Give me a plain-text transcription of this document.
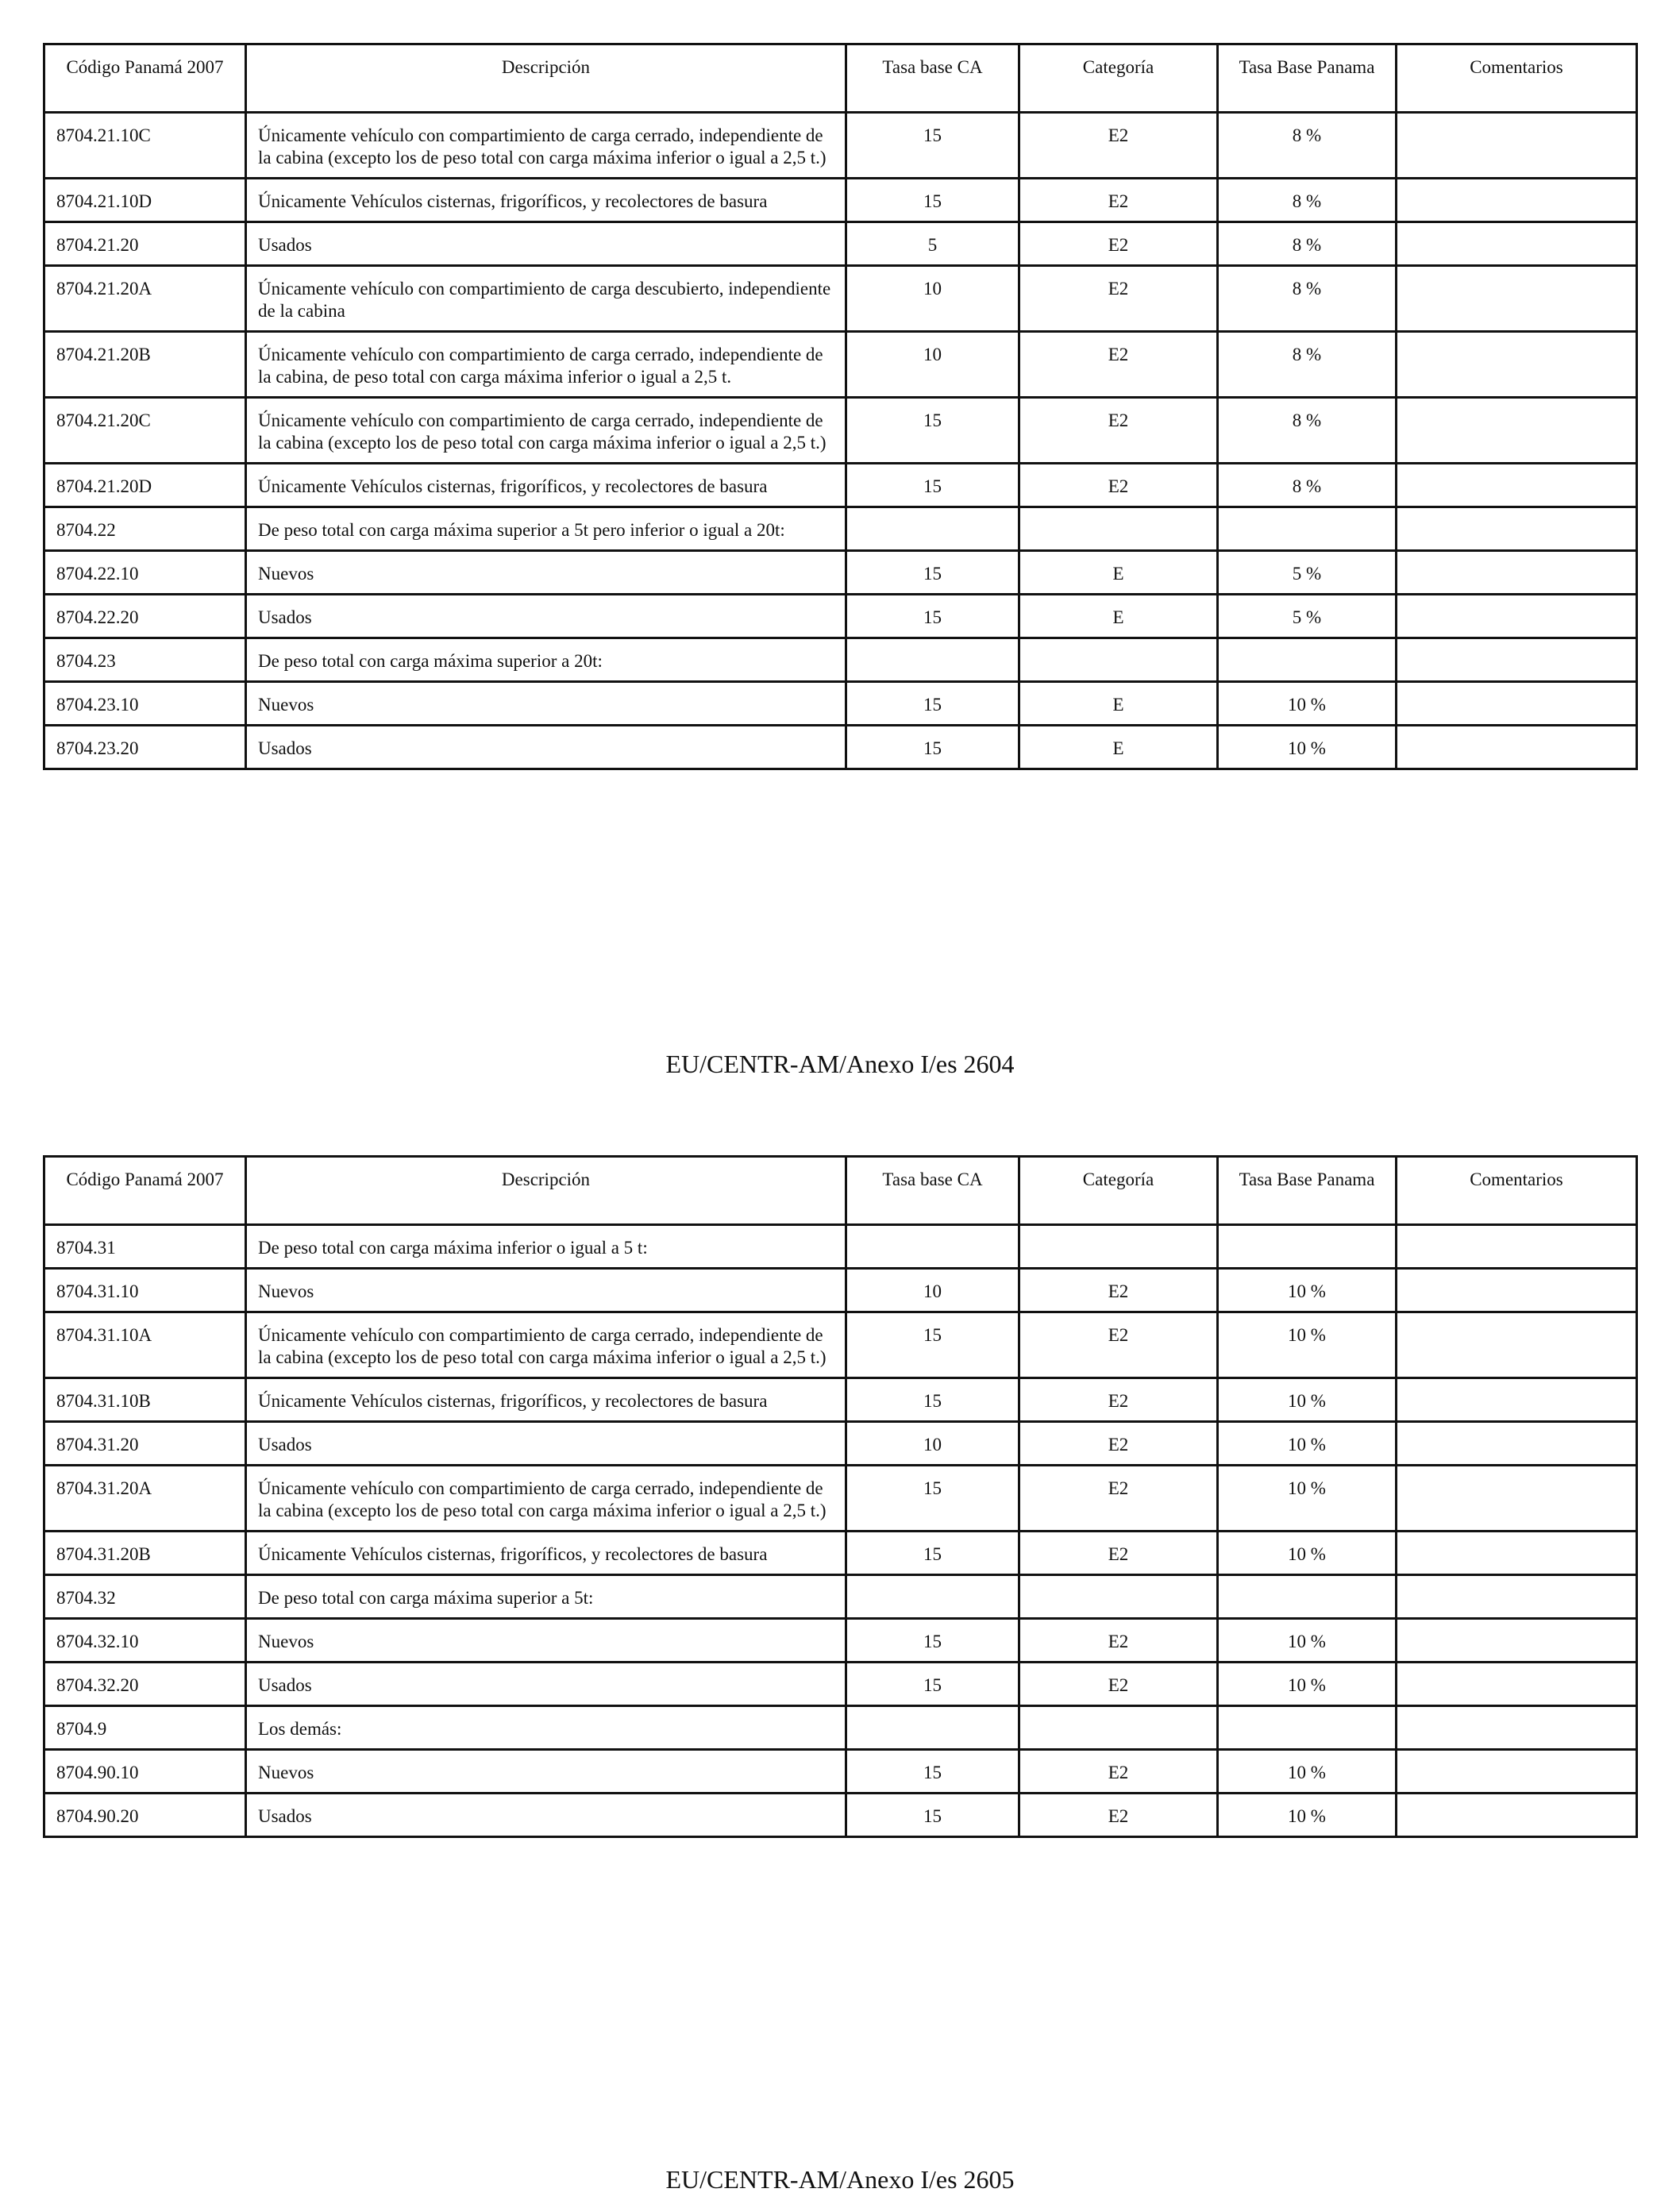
Código Panamá 2007	Descripción	Tasa base CA	Categoría	Tasa Base Panama	Comentarios
8704.21.10C	Únicamente vehículo con compartimiento de carga cerrado, independiente de la cabina (excepto los de peso total con carga máxima inferior o igual a 2,5 t.)	15	E2	8 %	
8704.21.10D	Únicamente Vehículos cisternas, frigoríficos, y recolectores de basura	15	E2	8 %	
8704.21.20	Usados	5	E2	8 %	
8704.21.20A	Únicamente vehículo con compartimiento de carga descubierto, independiente de la cabina	10	E2	8 %	
8704.21.20B	Únicamente vehículo con compartimiento de carga cerrado, independiente de la cabina, de peso total con carga máxima inferior o igual a 2,5 t.	10	E2	8 %	
8704.21.20C	Únicamente vehículo con compartimiento de carga cerrado, independiente de la cabina (excepto los de peso total con carga máxima inferior o igual a 2,5 t.)	15	E2	8 %	
8704.21.20D	Únicamente Vehículos cisternas, frigoríficos, y recolectores de basura	15	E2	8 %	
8704.22	De peso total con carga máxima superior a 5t pero inferior o igual a 20t:				
8704.22.10	Nuevos	15	E	5 %	
8704.22.20	Usados	15	E	5 %	
8704.23	De peso total con carga máxima superior a 20t:				
8704.23.10	Nuevos	15	E	10 %	
8704.23.20	Usados	15	E	10 %	
EU/CENTR-AM/Anexo I/es 2604
Código Panamá 2007	Descripción	Tasa base CA	Categoría	Tasa Base Panama	Comentarios
8704.31	De peso total con carga máxima inferior o igual a 5 t:				
8704.31.10	Nuevos	10	E2	10 %	
8704.31.10A	Únicamente vehículo con compartimiento de carga cerrado, independiente de la cabina (excepto los de peso total con carga máxima inferior o igual a 2,5 t.)	15	E2	10 %	
8704.31.10B	Únicamente Vehículos cisternas, frigoríficos, y recolectores de basura	15	E2	10 %	
8704.31.20	Usados	10	E2	10 %	
8704.31.20A	Únicamente vehículo con compartimiento de carga cerrado, independiente de la cabina (excepto los de peso total con carga máxima inferior o igual a 2,5 t.)	15	E2	10 %	
8704.31.20B	Únicamente Vehículos cisternas, frigoríficos, y recolectores de basura	15	E2	10 %	
8704.32	De peso total con carga máxima superior a 5t:				
8704.32.10	Nuevos	15	E2	10 %	
8704.32.20	Usados	15	E2	10 %	
8704.9	Los demás:				
8704.90.10	Nuevos	15	E2	10 %	
8704.90.20	Usados	15	E2	10 %	
EU/CENTR-AM/Anexo I/es 2605
